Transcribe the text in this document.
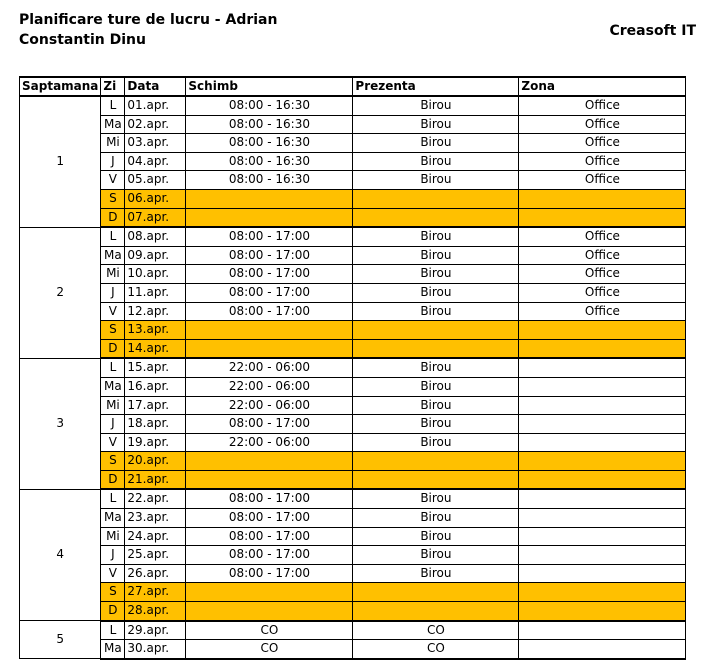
Planificare ture de lucru - Adrian Constantin Dinu
Creasoft IT
Saptamana	Zi	Data	Schimb	Prezenta	Zona
1	L	01.apr.	08:00 - 16:30	Birou	Office
	Ma	02.apr.	08:00 - 16:30	Birou	Office
	Mi	03.apr.	08:00 - 16:30	Birou	Office
	J	04.apr.	08:00 - 16:30	Birou	Office
	V	05.apr.	08:00 - 16:30	Birou	Office
	S	06.apr.			
	D	07.apr.			
2	L	08.apr.	08:00 - 17:00	Birou	Office
	Ma	09.apr.	08:00 - 17:00	Birou	Office
	Mi	10.apr.	08:00 - 17:00	Birou	Office
	J	11.apr.	08:00 - 17:00	Birou	Office
	V	12.apr.	08:00 - 17:00	Birou	Office
	S	13.apr.			
	D	14.apr.			
3	L	15.apr.	22:00 - 06:00	Birou	
	Ma	16.apr.	22:00 - 06:00	Birou	
	Mi	17.apr.	22:00 - 06:00	Birou	
	J	18.apr.	08:00 - 17:00	Birou	
	V	19.apr.	22:00 - 06:00	Birou	
	S	20.apr.			
	D	21.apr.			
4	L	22.apr.	08:00 - 17:00	Birou	
	Ma	23.apr.	08:00 - 17:00	Birou	
	Mi	24.apr.	08:00 - 17:00	Birou	
	J	25.apr.	08:00 - 17:00	Birou	
	V	26.apr.	08:00 - 17:00	Birou	
	S	27.apr.			
	D	28.apr.			
5	L	29.apr.	CO	CO	
	Ma	30.apr.	CO	CO	
